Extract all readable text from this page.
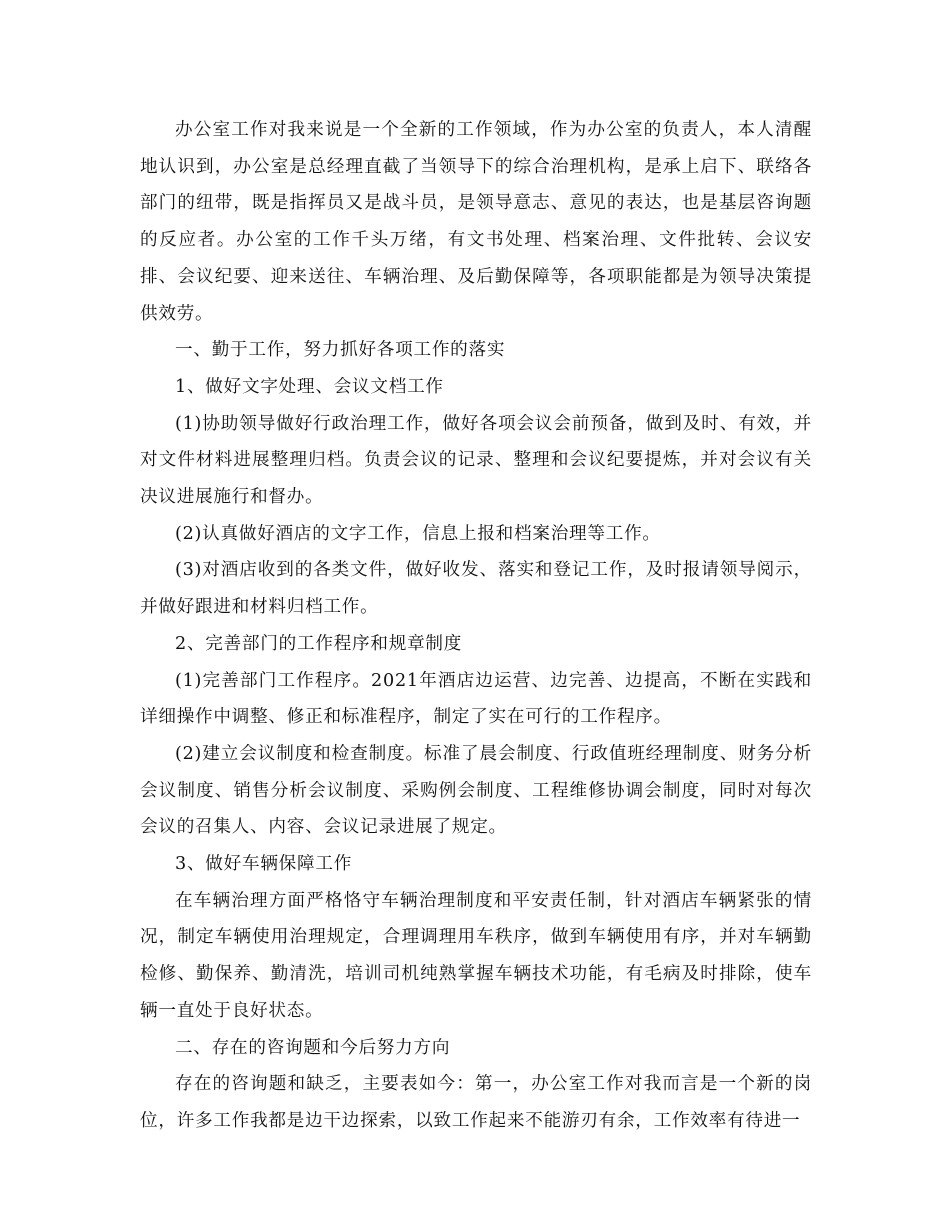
办公室工作对我来说是一个全新的工作领域，作为办公室的负责人，本人清醒地认识到，办公室是总经理直截了当领导下的综合治理机构，是承上启下、联络各部门的纽带，既是指挥员又是战斗员，是领导意志、意见的表达，也是基层咨询题的反应者。办公室的工作千头万绪，有文书处理、档案治理、文件批转、会议安排、会议纪要、迎来送往、车辆治理、及后勤保障等，各项职能都是为领导决策提供效劳。

一、勤于工作，努力抓好各项工作的落实

1、做好文字处理、会议文档工作

(1)协助领导做好行政治理工作，做好各项会议会前预备，做到及时、有效，并对文件材料进展整理归档。负责会议的记录、整理和会议纪要提炼，并对会议有关决议进展施行和督办。

(2)认真做好酒店的文字工作，信息上报和档案治理等工作。

(3)对酒店收到的各类文件，做好收发、落实和登记工作，及时报请领导阅示，并做好跟进和材料归档工作。

2、完善部门的工作程序和规章制度

(1)完善部门工作程序。2021年酒店边运营、边完善、边提高，不断在实践和详细操作中调整、修正和标准程序，制定了实在可行的工作程序。

(2)建立会议制度和检查制度。标准了晨会制度、行政值班经理制度、财务分析会议制度、销售分析会议制度、采购例会制度、工程维修协调会制度，同时对每次会议的召集人、内容、会议记录进展了规定。

3、做好车辆保障工作

在车辆治理方面严格恪守车辆治理制度和平安责任制，针对酒店车辆紧张的情况，制定车辆使用治理规定，合理调理用车秩序，做到车辆使用有序，并对车辆勤检修、勤保养、勤清洗，培训司机纯熟掌握车辆技术功能，有毛病及时排除，使车辆一直处于良好状态。

二、存在的咨询题和今后努力方向

存在的咨询题和缺乏，主要表如今：第一，办公室工作对我而言是一个新的岗位，许多工作我都是边干边探索，以致工作起来不能游刃有余，工作效率有待进一
